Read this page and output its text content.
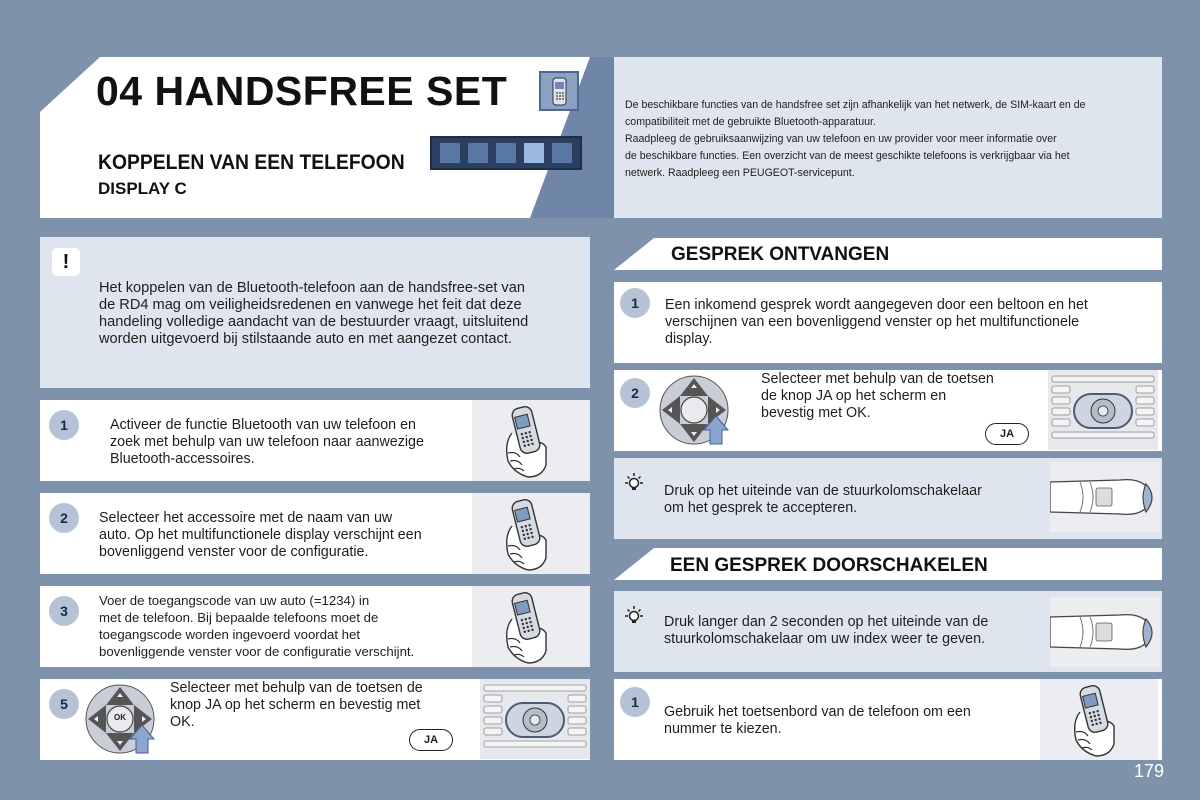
04 HANDSFREE SET
KOPPELEN VAN EEN TELEFOON
DISPLAY C
De beschikbare functies van de handsfree set zijn afhankelijk van het netwerk, de SIM-kaart en de
compatibiliteit met de gebruikte Bluetooth-apparatuur.
Raadpleeg de gebruiksaanwijzing van uw telefoon en uw provider voor meer informatie over
de beschikbare functies. Een overzicht van de meest geschikte telefoons is verkrijgbaar via het
netwerk. Raadpleeg een PEUGEOT-servicepunt.
!
Het koppelen van de Bluetooth-telefoon aan de handsfree-set van
de RD4 mag om veiligheidsredenen en vanwege het feit dat deze
handeling volledige aandacht van de bestuurder vraagt, uitsluitend
worden uitgevoerd bij stilstaande auto en met aangezet contact.
1	Activeer de functie Bluetooth van uw telefoon en
zoek met behulp van uw telefoon naar aanwezige
Bluetooth-accessoires.
2	Selecteer het accessoire met de naam van uw
auto. Op het multifunctionele display verschijnt een
bovenliggend venster voor de configuratie.
3
Voer de toegangscode van uw auto (=1234) in
met de telefoon. Bij bepaalde telefoons moet de
toegangscode worden ingevoerd voordat het
bovenliggende venster voor de configuratie verschijnt.
5
OK
Selecteer met behulp van de toetsen de
knop JA op het scherm en bevestig met
OK.
JA
GESPREK ONTVANGEN
1	Een inkomend gesprek wordt aangegeven door een beltoon en het
verschijnen van een bovenliggend venster op het multifunctionele
display.
2
Selecteer met behulp van de toetsen
de knop JA op het scherm en
bevestig met OK.
JA
Druk op het uiteinde van de stuurkolomschakelaar
om het gesprek te accepteren.
EEN GESPREK DOORSCHAKELEN
Druk langer dan 2 seconden op het uiteinde van de
stuurkolomschakelaar om uw index weer te geven.
1
Gebruik het toetsenbord van de telefoon om een
nummer te kiezen.
179
